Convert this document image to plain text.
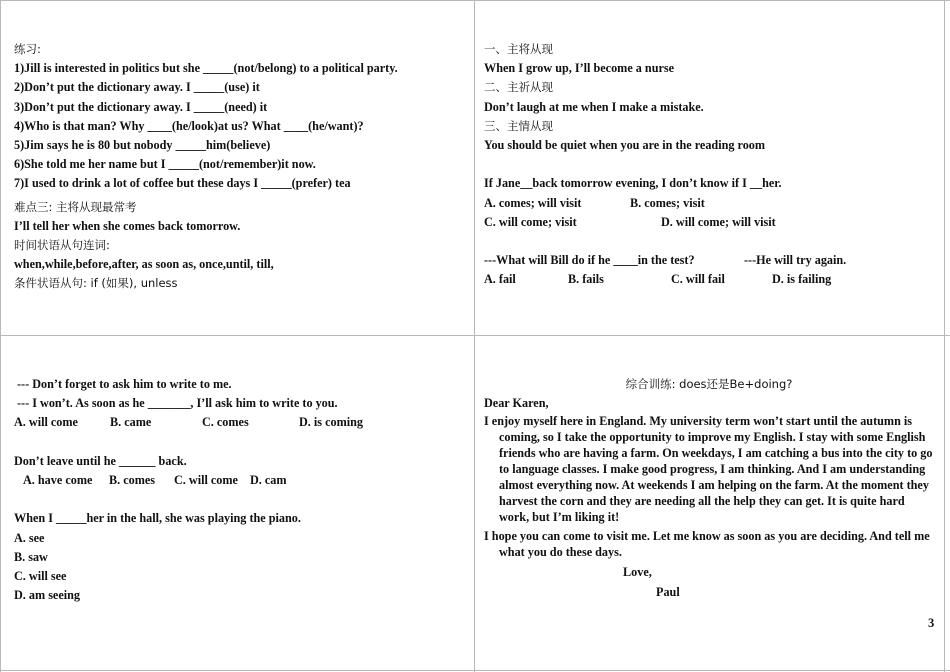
练习:
1)Jill is interested in politics but she _____(not/belong) to a political party.
2)Don’t put the dictionary away. I _____(use) it
3)Don’t put the dictionary away. I _____(need) it
4)Who is that man? Why ____(he/look)at us? What ____(he/want)?
5)Jim says he is 80 but nobody _____him(believe)
6)She told me her name but I _____(not/remember)it now.
7)I used to drink a lot of coffee but these days I _____(prefer) tea
难点三: 主将从现最常考
I’ll tell her when she comes back tomorrow.
时间状语从句连词:
when,while,before,after, as soon as, once,until, till,
条件状语从句: if (如果), unless
一、主将从现
When I grow up, I’ll become a nurse
二、主祈从现
Don’t laugh at me when I make a mistake.
三、主情从现
You should be quiet when you are in the reading room
If Jane__back tomorrow evening, I don’t know if I __her.
A. comes; will visit	B. comes; visit
C. will come; visit	D. will come; will visit
---What will Bill do if he ____in the test?	---He will try again.
A. fail	B. fails	C. will fail	D. is failing
--- Don’t forget to ask him to write to me.
--- I won’t. As soon as he _______, I’ll ask him to write to you.
A. will come	B. came	C. comes	D. is coming
Don’t leave until he ______ back.
A. have come	B. comes	C. will come D. cam
When I _____her in the hall, she was playing the piano.
A. see
B. saw
C. will see
D. am seeing
综合训练: does还是Be+doing?
Dear Karen,
I enjoy myself here in England. My university term won’t start until the autumn is coming, so I take the opportunity to improve my English. I stay with some English friends who are having a farm. On weekdays, I am catching a bus into the city to go to language classes. I make good progress, I am thinking. And I am understanding almost everything now. At weekends I am helping on the farm. At the moment they harvest the corn and they are needing all the help they can get. It is quite hard work, but I’m liking it!
I hope you can come to visit me. Let me know as soon as you are deciding. And tell me what you do these days.
Love,
Paul
3
